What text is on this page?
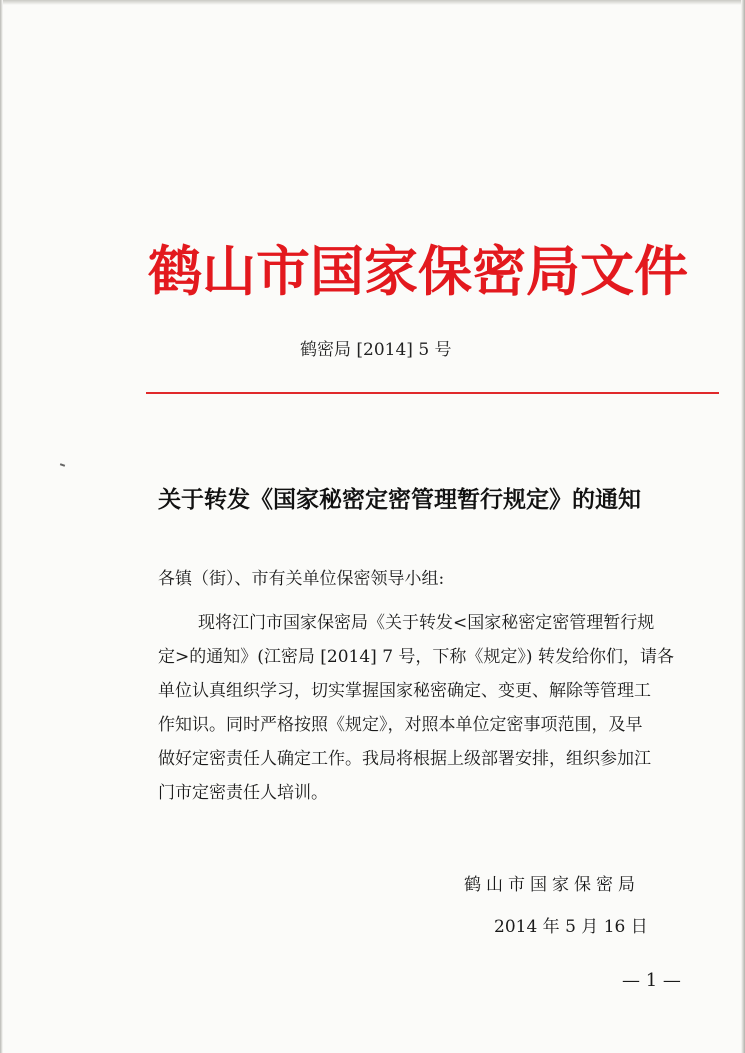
鹤山市国家保密局文件
鹤密局 [2014] 5 号
关于转发《国家秘密定密管理暂行规定》的通知
各镇（街）、市有关单位保密领导小组:
现将江门市国家保密局《关于转发<国家秘密定密管理暂行规
定>的通知》(江密局 [2014] 7 号，下称《规定》) 转发给你们，请各
单位认真组织学习，切实掌握国家秘密确定、变更、解除等管理工
作知识。同时严格按照《规定》，对照本单位定密事项范围，及早
做好定密责任人确定工作。我局将根据上级部署安排，组织参加江
门市定密责任人培训。
鹤山市国家保密局
2014 年 5 月 16 日
— 1 —
